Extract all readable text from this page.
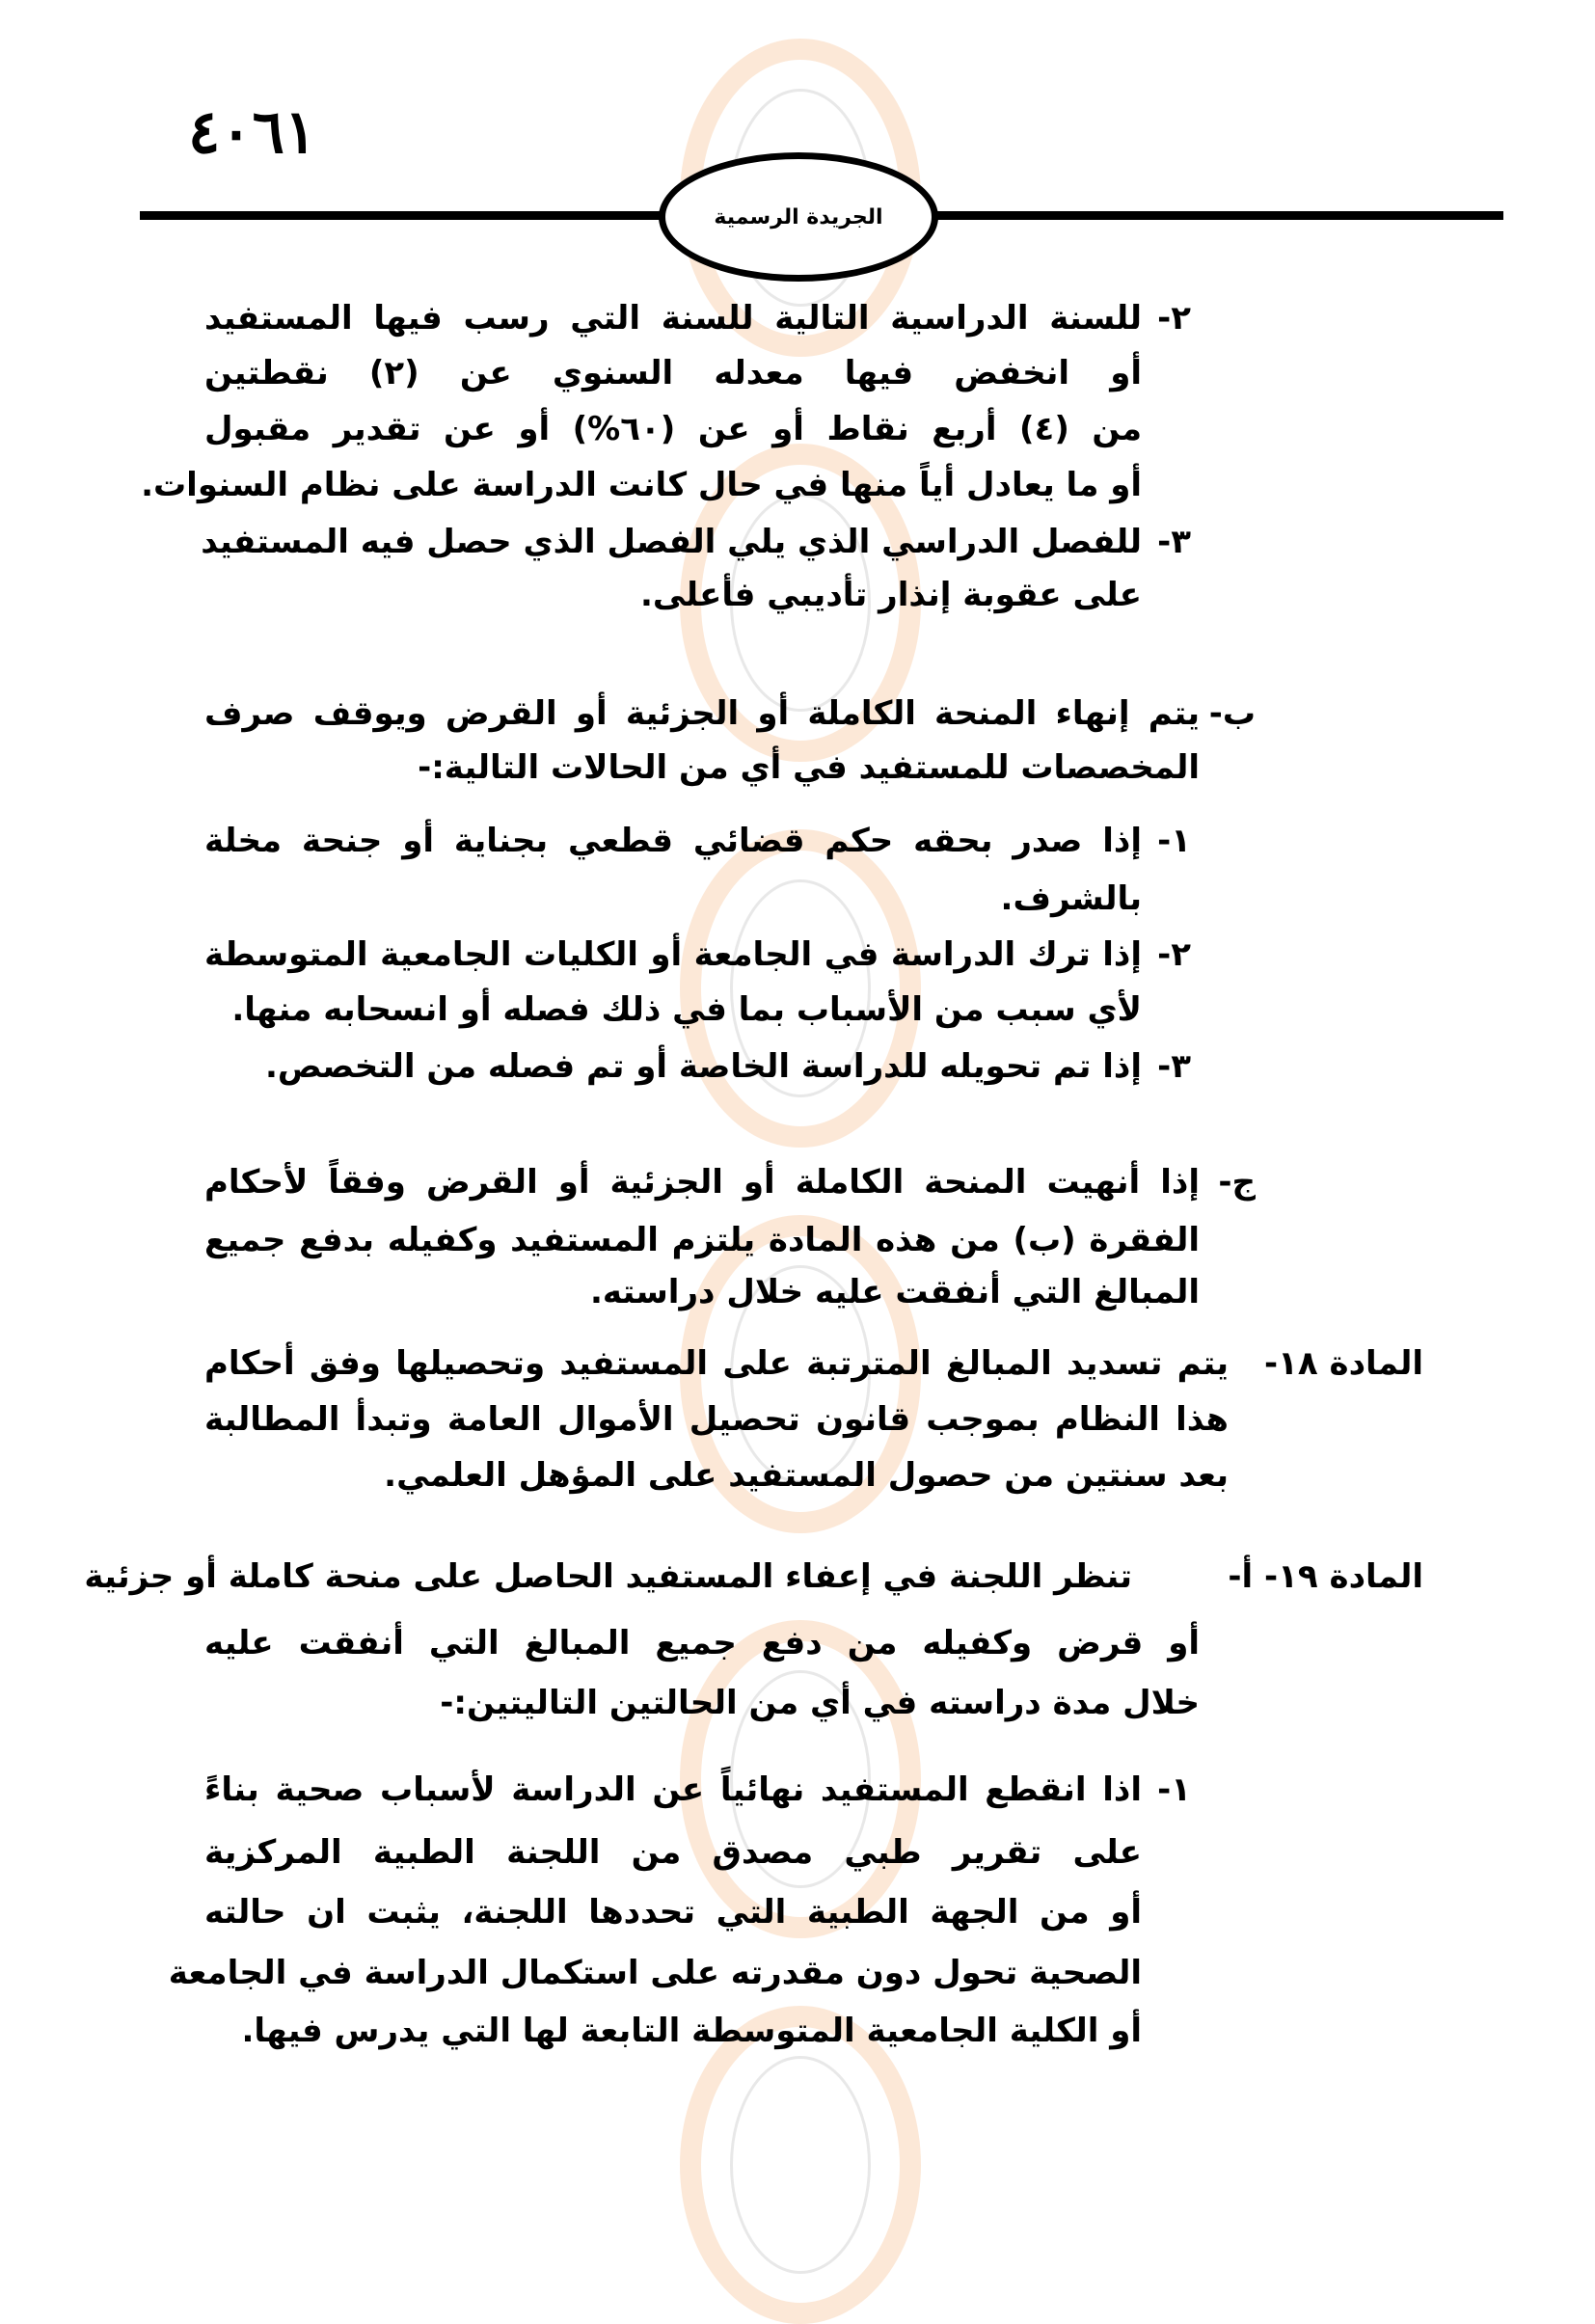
٤٠٦١
الجريدة الرسمية
٢-
للسنة الدراسية التالية للسنة التي رسب فيها المستفيد
أو انخفض فيها معدله السنوي عن (٢) نقطتين
من (٤) أربع نقاط أو عن (٦٠%) أو عن تقدير مقبول
أو ما يعادل أياً منها في حال كانت الدراسة على نظام السنوات.
٣-
للفصل الدراسي الذي يلي الفصل الذي حصل فيه المستفيد
على عقوبة إنذار تأديبي فأعلى.
ب-
يتم إنهاء المنحة الكاملة أو الجزئية أو القرض ويوقف صرف
المخصصات للمستفيد في أي من الحالات التالية:-
١-
إذا صدر بحقه حكم قضائي قطعي بجناية أو جنحة مخلة
بالشرف.
٢-
إذا ترك الدراسة في الجامعة أو الكليات الجامعية المتوسطة
لأي سبب من الأسباب بما في ذلك فصله أو انسحابه منها.
٣-
إذا تم تحويله للدراسة الخاصة أو تم فصله من التخصص.
ج-
إذا أنهيت المنحة الكاملة أو الجزئية أو القرض وفقاً لأحكام
الفقرة (ب) من هذه المادة يلتزم المستفيد وكفيله بدفع جميع
المبالغ التي أنفقت عليه خلال دراسته.
المادة ١٨-
يتم تسديد المبالغ المترتبة على المستفيد وتحصيلها وفق أحكام
هذا النظام بموجب قانون تحصيل الأموال العامة وتبدأ المطالبة
بعد سنتين من حصول المستفيد على المؤهل العلمي.
المادة ١٩- أ-
تنظر اللجنة في إعفاء المستفيد الحاصل على منحة كاملة أو جزئية
أو قرض وكفيله من دفع جميع المبالغ التي أنفقت عليه
خلال مدة دراسته في أي من الحالتين التاليتين:-
١-
اذا انقطع المستفيد نهائياً عن الدراسة لأسباب صحية بناءً
على تقرير طبي مصدق من اللجنة الطبية المركزية
أو من الجهة الطبية التي تحددها اللجنة، يثبت ان حالته
الصحية تحول دون مقدرته على استكمال الدراسة في الجامعة
أو الكلية الجامعية المتوسطة التابعة لها التي يدرس فيها.
